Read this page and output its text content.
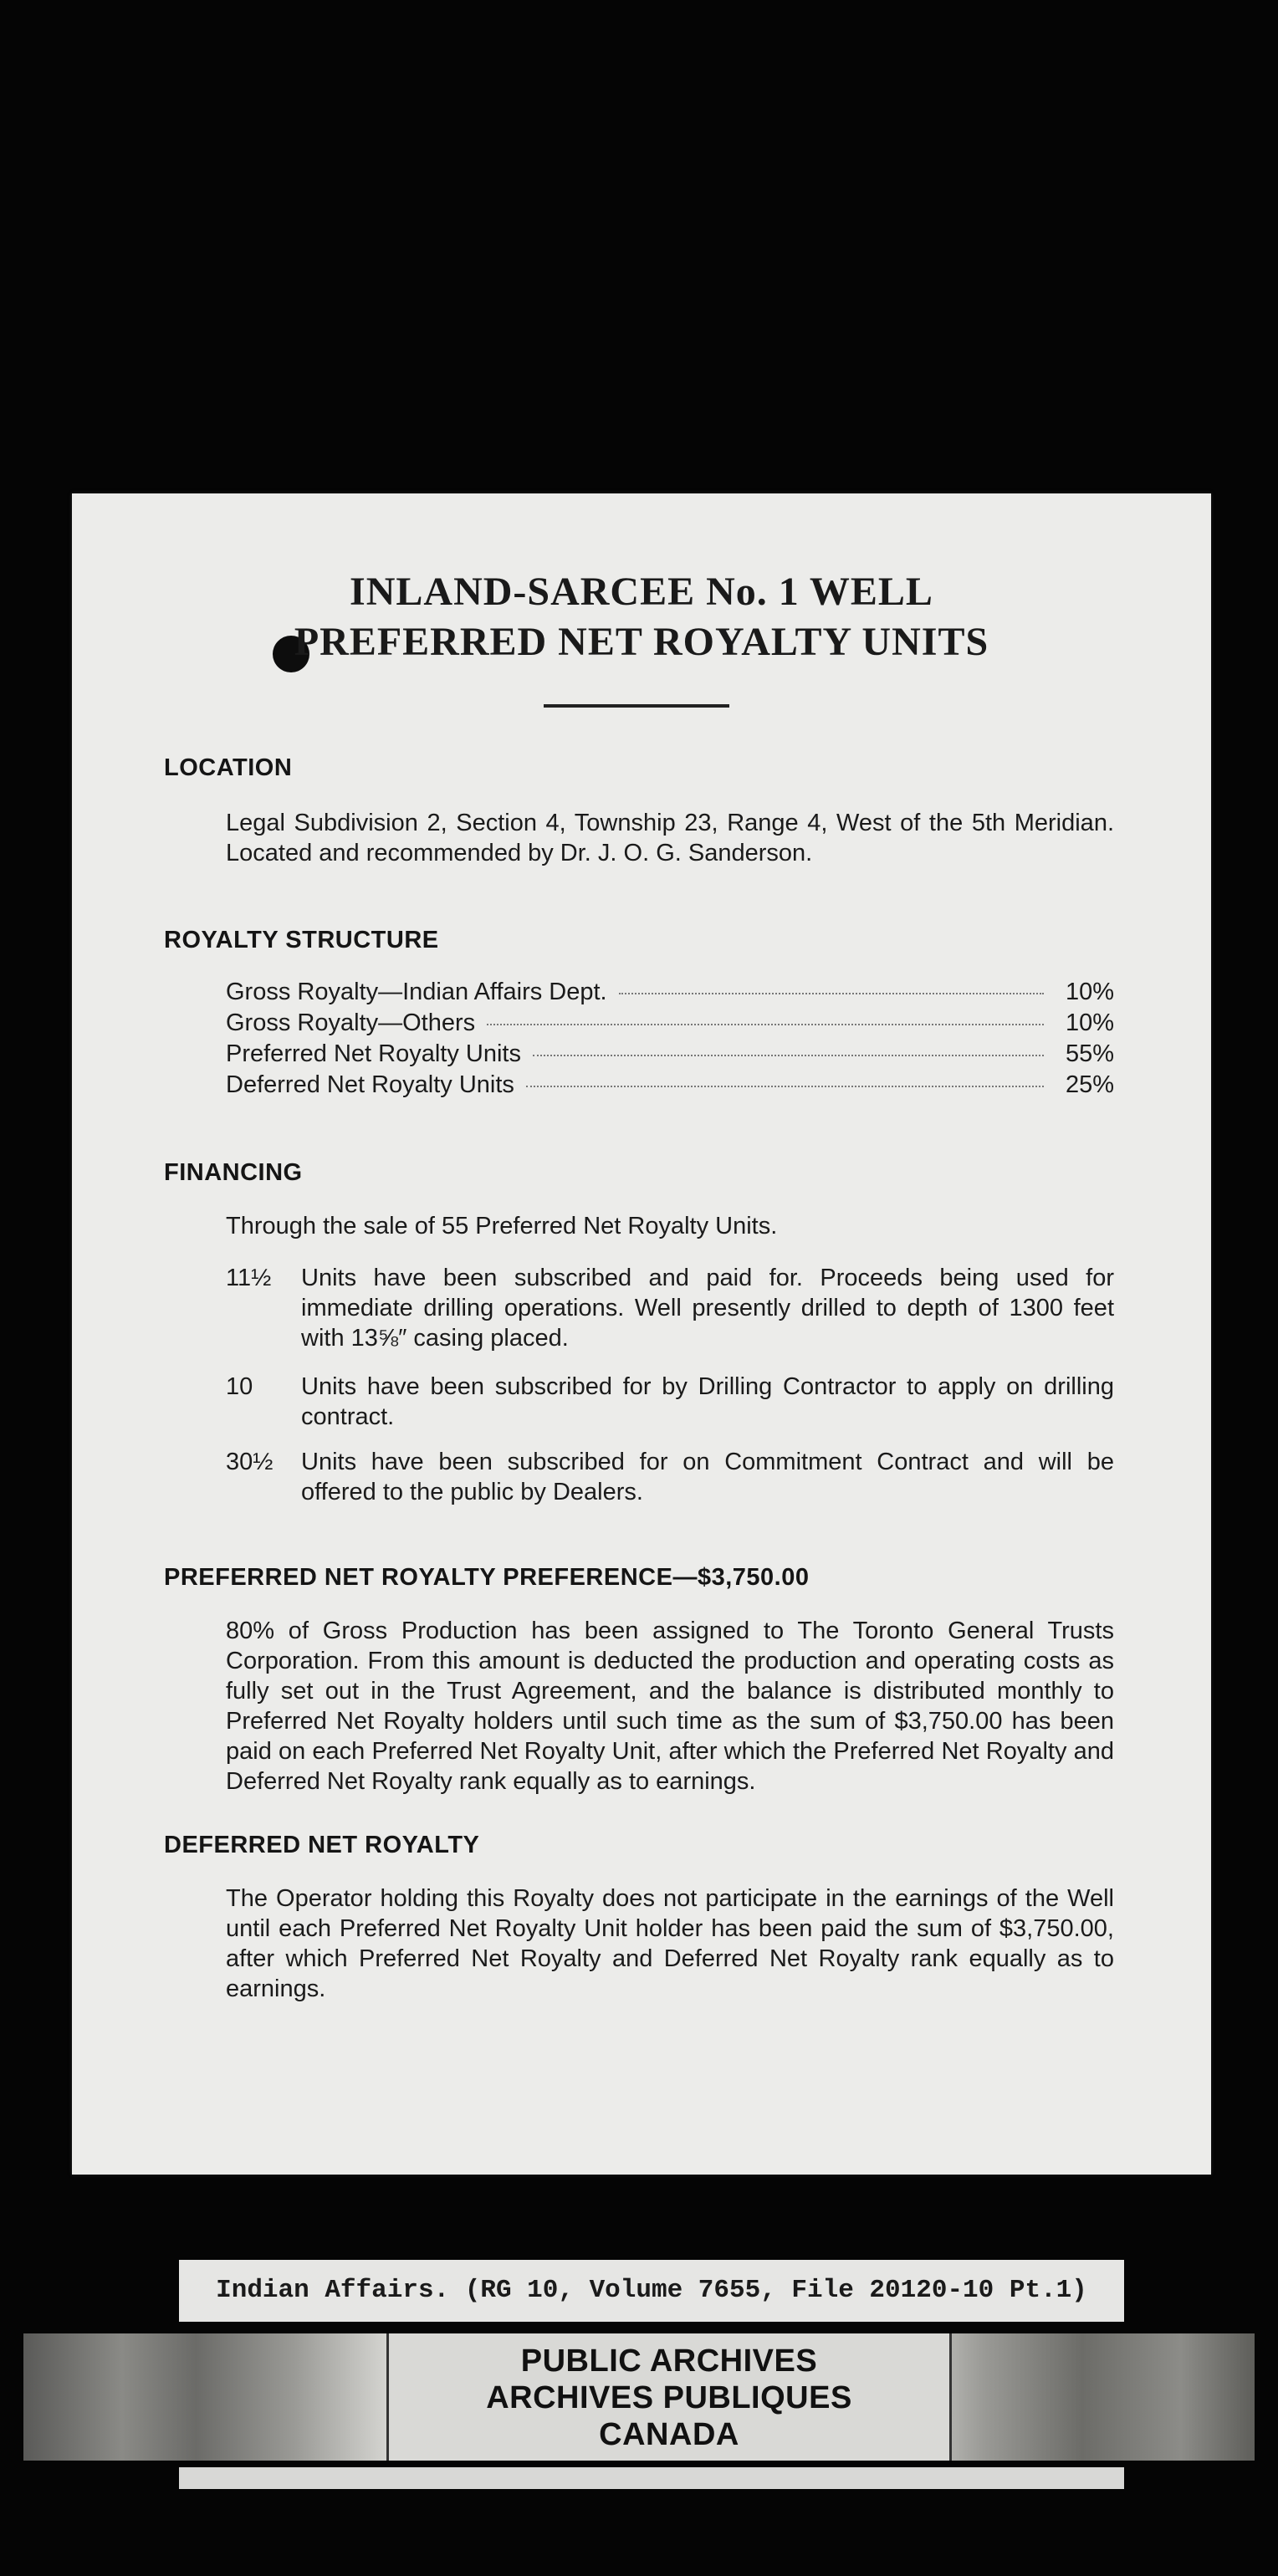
INLAND-SARCEE No. 1 WELL
PREFERRED NET ROYALTY UNITS
LOCATION
Legal Subdivision 2, Section 4, Township 23, Range 4, West of the 5th Meridian. Located and recommended by Dr. J. O. G. Sanderson.
ROYALTY STRUCTURE
Gross Royalty—Indian Affairs Dept.	10%
Gross Royalty—Others	10%
Preferred Net Royalty Units	55%
Deferred Net Royalty Units	25%
FINANCING
Through the sale of 55 Preferred Net Royalty Units.
11½	Units have been subscribed and paid for. Proceeds being used for immediate drilling operations. Well presently drilled to depth of 1300 feet with 13⅝″ casing placed.
10	Units have been subscribed for by Drilling Contractor to apply on drilling contract.
30½	Units have been subscribed for on Commitment Contract and will be offered to the public by Dealers.
PREFERRED NET ROYALTY PREFERENCE—$3,750.00
80% of Gross Production has been assigned to The Toronto General Trusts Corporation. From this amount is deducted the production and operating costs as fully set out in the Trust Agreement, and the balance is distributed monthly to Preferred Net Royalty holders until such time as the sum of $3,750.00 has been paid on each Preferred Net Royalty Unit, after which the Preferred Net Royalty and Deferred Net Royalty rank equally as to earnings.
DEFERRED NET ROYALTY
The Operator holding this Royalty does not participate in the earnings of the Well until each Preferred Net Royalty Unit holder has been paid the sum of $3,750.00, after which Preferred Net Royalty and Deferred Net Royalty rank equally as to earnings.
Indian Affairs. (RG 10, Volume 7655, File 20120-10 Pt.1)
PUBLIC ARCHIVES
ARCHIVES PUBLIQUES
CANADA
